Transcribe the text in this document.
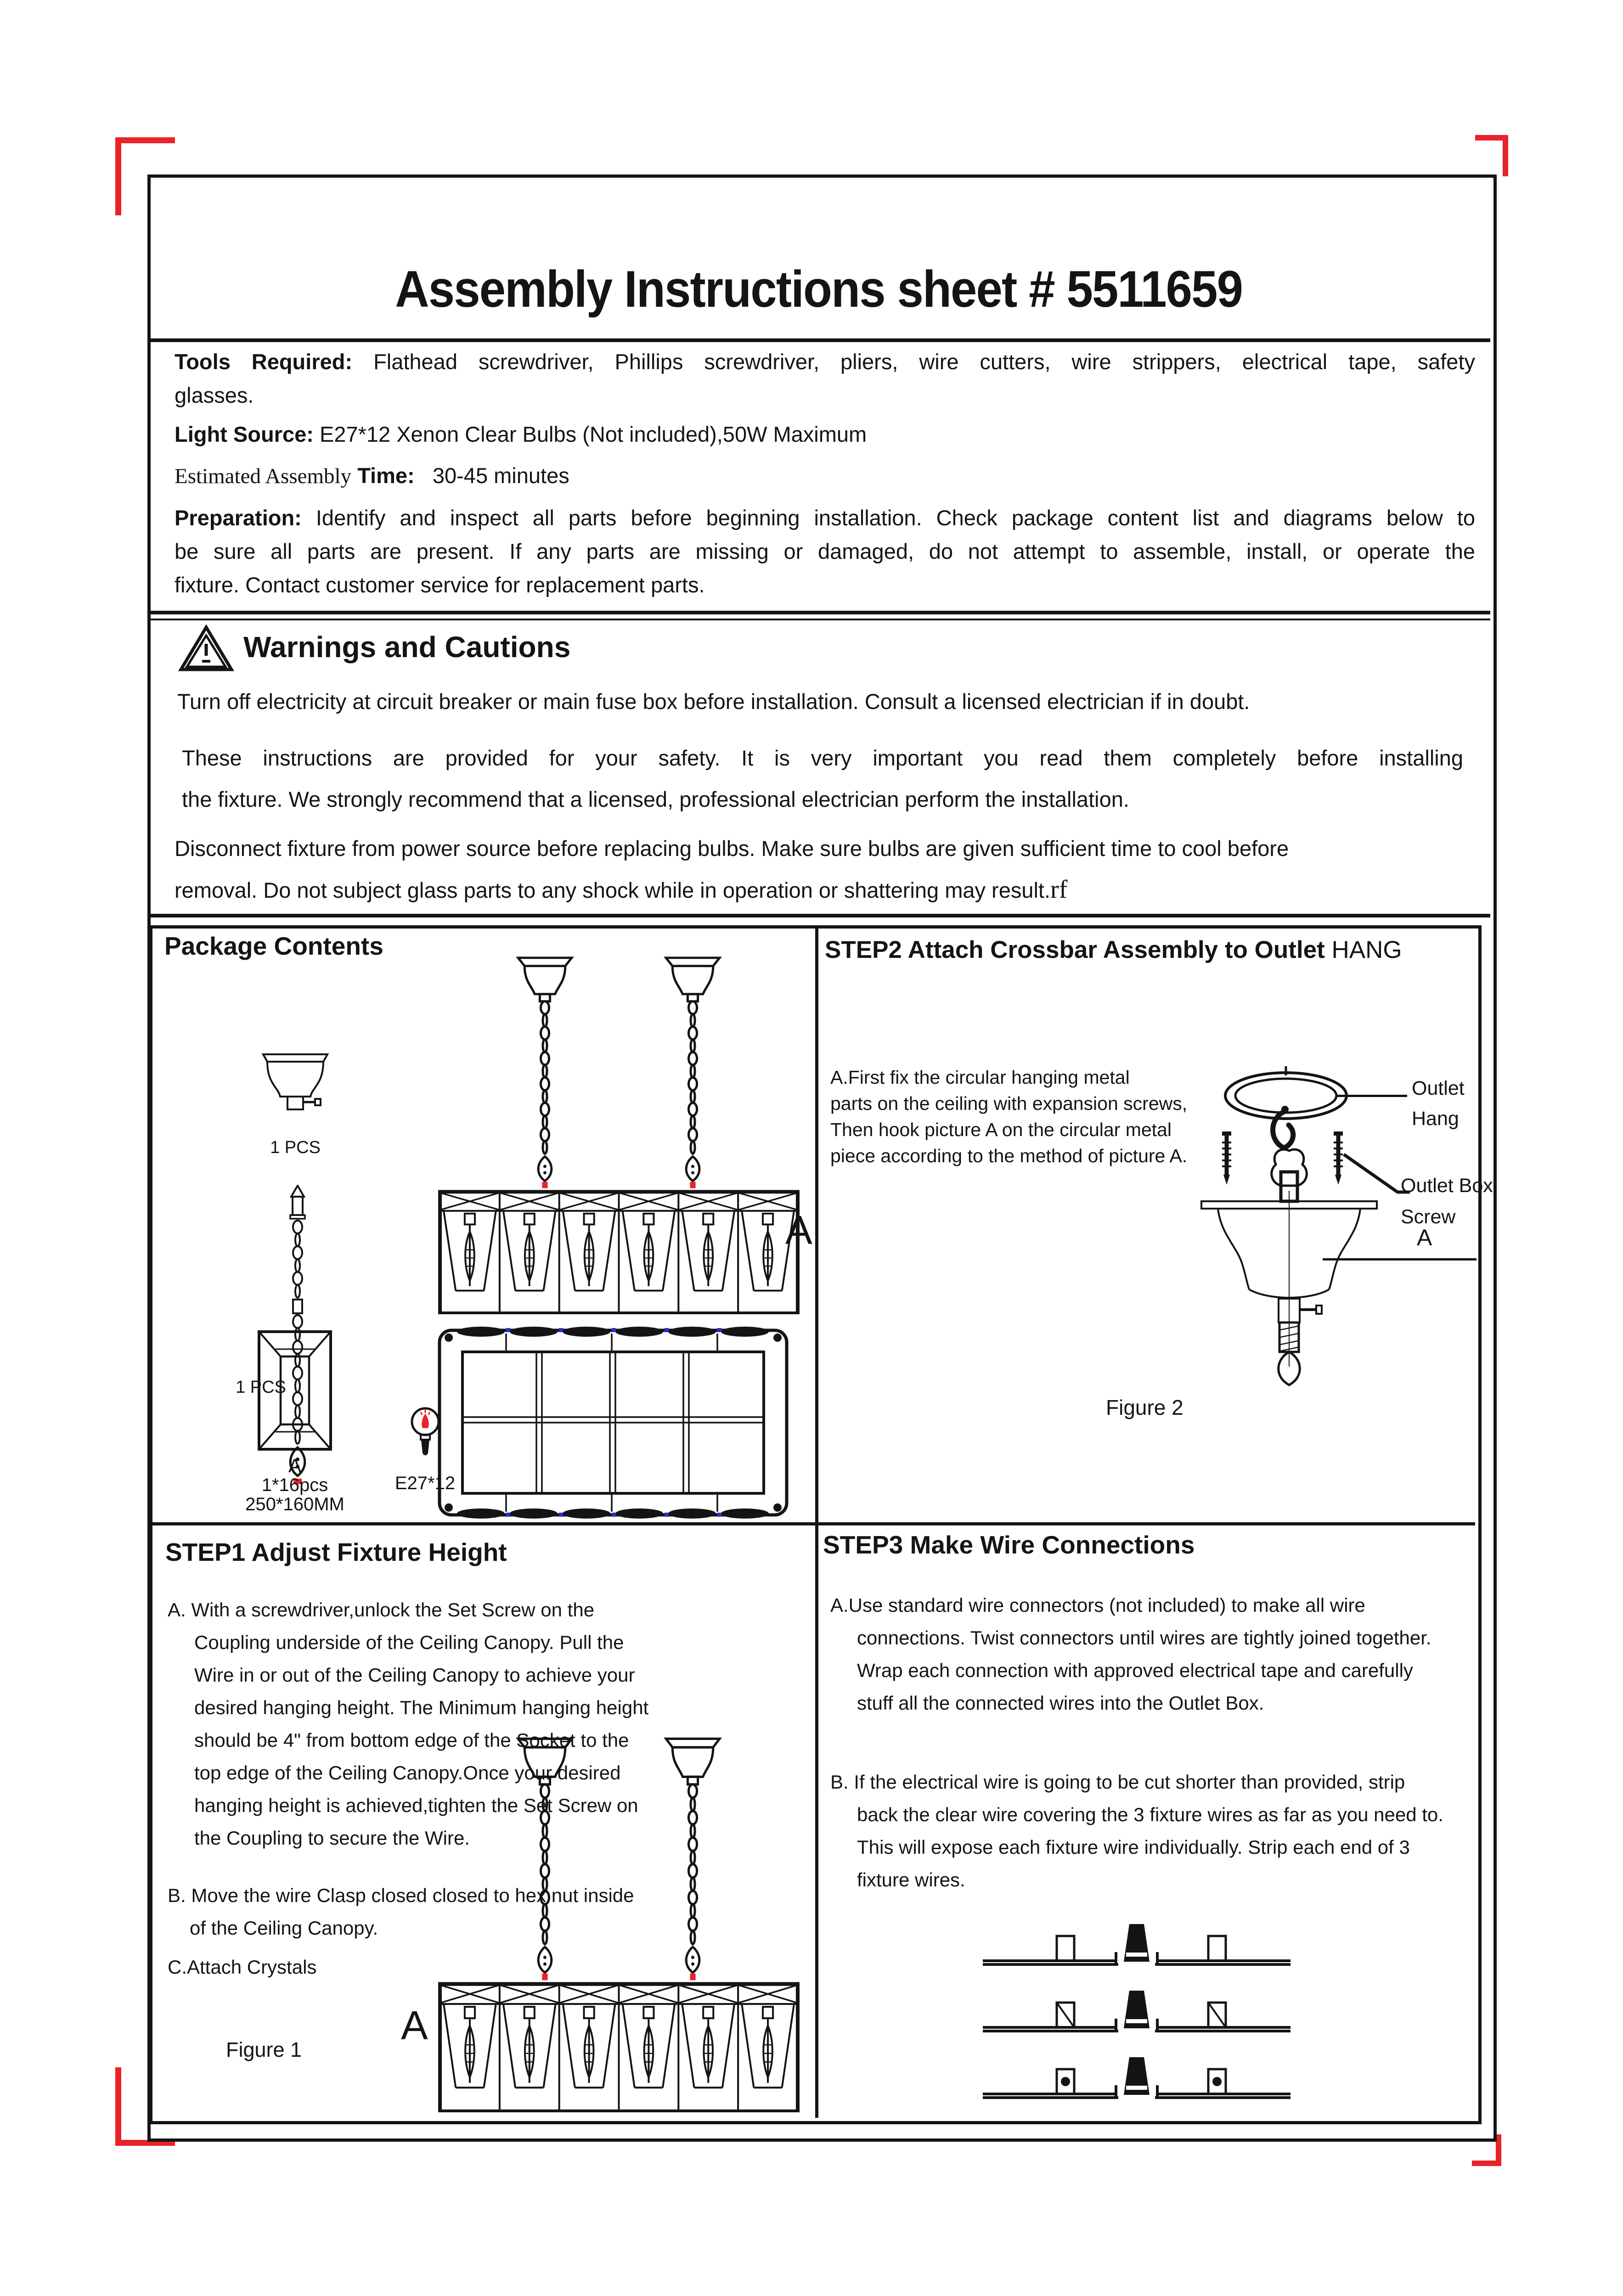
Assembly Instructions sheet # 5511659
Tools Required: Flathead screwdriver, Phillips screwdriver, pliers, wire cutters, wire strippers, electrical tape, safety
glasses.
Light Source: E27*12 Xenon Clear Bulbs (Not included),50W Maximum
Estimated Assembly Time: 30-45 minutes
Preparation: Identify and inspect all parts before beginning installation. Check package content list and diagrams below to
be sure all parts are present. If any parts are missing or damaged, do not attempt to assemble, install, or operate the
fixture. Contact customer service for replacement parts.
Warnings and Cautions
Turn off electricity at circuit breaker or main fuse box before installation. Consult a licensed electrician if in doubt.
These instructions are provided for your safety. It is very important you read them completely before installing
the fixture. We strongly recommend that a licensed, professional electrician perform the installation.
Disconnect fixture from power source before replacing bulbs. Make sure bulbs are given sufficient time to cool before
removal. Do not subject glass parts to any shock while in operation or shattering may result.rf
Package Contents
1 PCS
1 PCS
A
A
1*16pcs
250*160MM
E27*12
STEP2 Attach Crossbar Assembly to Outlet HANG
A.First fix the circular hanging metal
parts on the ceiling with expansion screws,
Then hook picture A on the circular metal
piece according to the method of picture A.
Outlet
Hang
Outlet Box
Screw
A
Figure 2
STEP1 Adjust Fixture Height
A. With a screwdriver,unlock the Set Screw on the
Coupling underside of the Ceiling Canopy. Pull the
Wire in or out of the Ceiling Canopy to achieve your
desired hanging height. The Minimum hanging height
should be 4" from bottom edge of the Socket to the
top edge of the Ceiling Canopy.Once your desired
hanging height is achieved,tighten the Set Screw on
the Coupling to secure the Wire.
B. Move the wire Clasp closed closed to hex nut inside
of the Ceiling Canopy.
C.Attach Crystals
A
Figure 1
STEP3 Make Wire Connections
A.Use standard wire connectors (not included) to make all wire
connections. Twist connectors until wires are tightly joined together.
Wrap each connection with approved electrical tape and carefully
stuff all the connected wires into the Outlet Box.
B. If the electrical wire is going to be cut shorter than provided, strip
back the clear wire covering the 3 fixture wires as far as you need to.
This will expose each fixture wire individually. Strip each end of 3
fixture wires.
